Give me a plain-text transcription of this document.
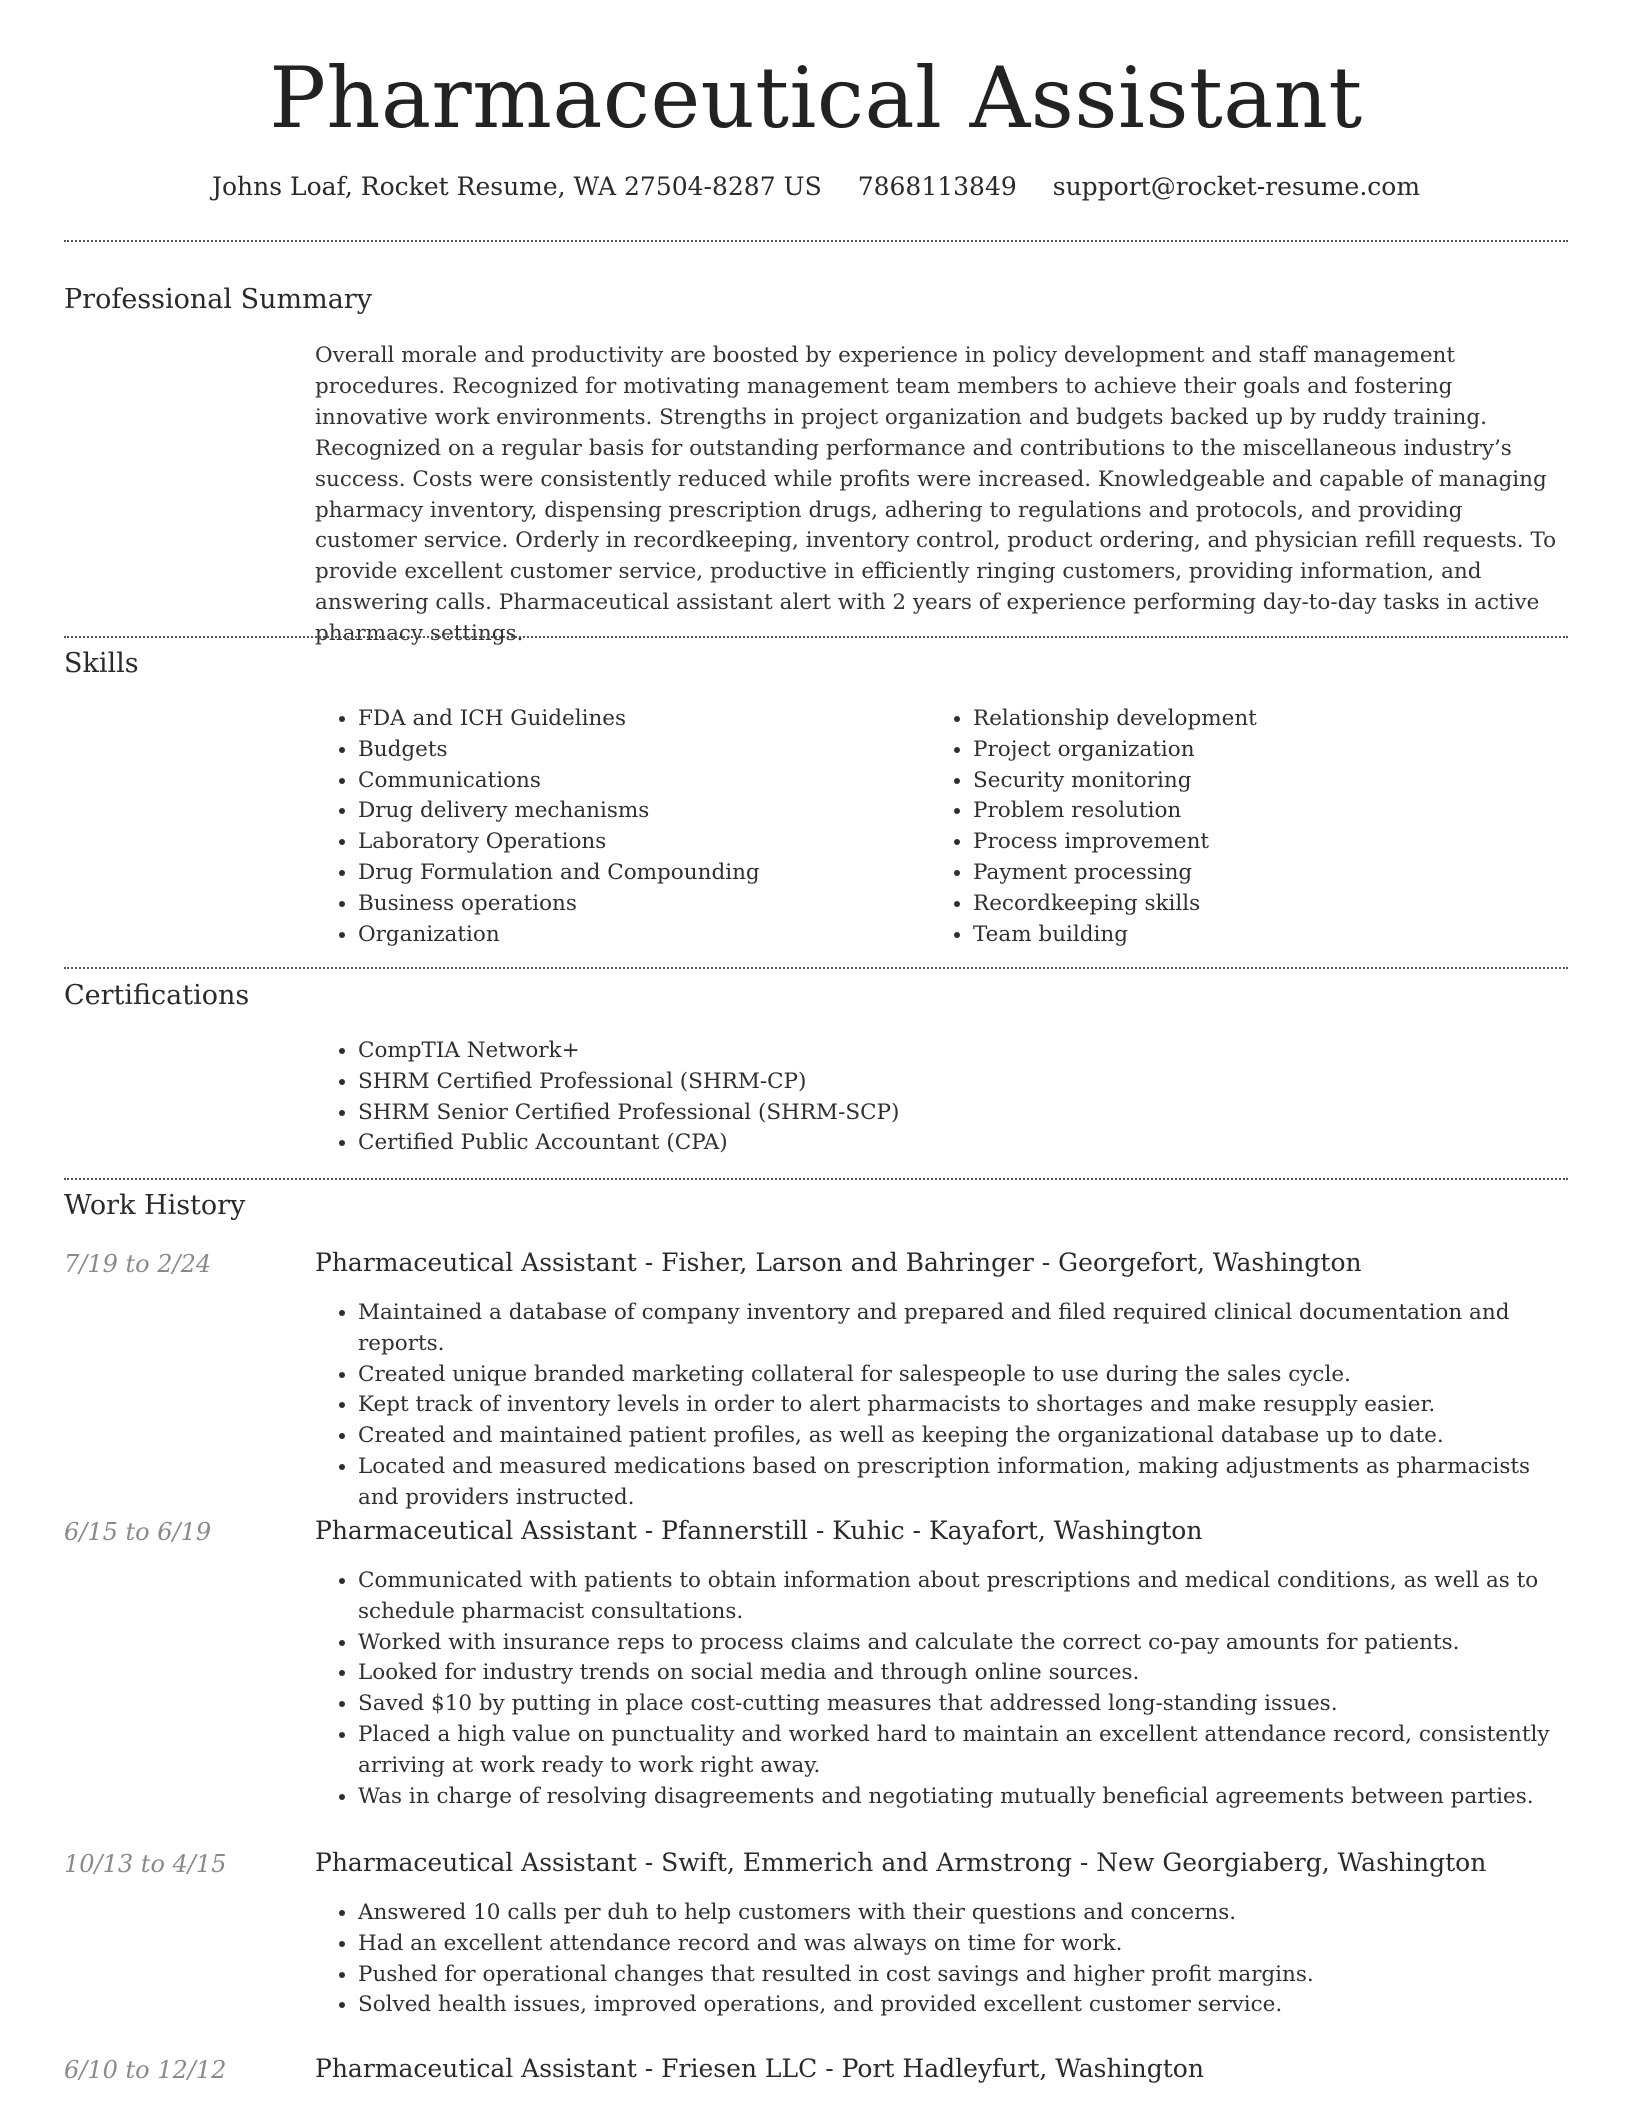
Pharmaceutical Assistant
Johns Loaf, Rocket Resume, WA 27504-8287 US 7868113849 support@rocket-resume.com
Professional Summary

Overall morale and productivity are boosted by experience in policy development and staff management procedures. Recognized for motivating management team members to achieve their goals and fostering innovative work environments. Strengths in project organization and budgets backed up by ruddy training. Recognized on a regular basis for outstanding performance and contributions to the miscellaneous industry’s success. Costs were consistently reduced while profits were increased. Knowledgeable and capable of managing pharmacy inventory, dispensing prescription drugs, adhering to regulations and protocols, and providing customer service. Orderly in recordkeeping, inventory control, product ordering, and physician refill requests. To provide excellent customer service, productive in efficiently ringing customers, providing information, and answering calls. Pharmaceutical assistant alert with 2 years of experience performing day-to-day tasks in active pharmacy settings.

Skills
• FDA and ICH Guidelines
• Budgets
• Communications
• Drug delivery mechanisms
• Laboratory Operations
• Drug Formulation and Compounding
• Business operations
• Organization
• Relationship development
• Project organization
• Security monitoring
• Problem resolution
• Process improvement
• Payment processing
• Recordkeeping skills
• Team building
Certifications
• CompTIA Network+
• SHRM Certified Professional (SHRM-CP)
• SHRM Senior Certified Professional (SHRM-SCP)
• Certified Public Accountant (CPA)
Work History
7/19 to 2/24	Pharmaceutical Assistant - Fisher, Larson and Bahringer - Georgefort, Washington
• Maintained a database of company inventory and prepared and filed required clinical documentation and reports.
• Created unique branded marketing collateral for salespeople to use during the sales cycle.
• Kept track of inventory levels in order to alert pharmacists to shortages and make resupply easier.
• Created and maintained patient profiles, as well as keeping the organizational database up to date.
• Located and measured medications based on prescription information, making adjustments as pharmacists and providers instructed.
6/15 to 6/19	Pharmaceutical Assistant - Pfannerstill - Kuhic - Kayafort, Washington
• Communicated with patients to obtain information about prescriptions and medical conditions, as well as to schedule pharmacist consultations.
• Worked with insurance reps to process claims and calculate the correct co-pay amounts for patients.
• Looked for industry trends on social media and through online sources.
• Saved $10 by putting in place cost-cutting measures that addressed long-standing issues.
• Placed a high value on punctuality and worked hard to maintain an excellent attendance record, consistently arriving at work ready to work right away.
• Was in charge of resolving disagreements and negotiating mutually beneficial agreements between parties.
10/13 to 4/15	Pharmaceutical Assistant - Swift, Emmerich and Armstrong - New Georgiaberg, Washington
• Answered 10 calls per duh to help customers with their questions and concerns.
• Had an excellent attendance record and was always on time for work.
• Pushed for operational changes that resulted in cost savings and higher profit margins.
• Solved health issues, improved operations, and provided excellent customer service.
6/10 to 12/12	Pharmaceutical Assistant - Friesen LLC - Port Hadleyfurt, Washington
